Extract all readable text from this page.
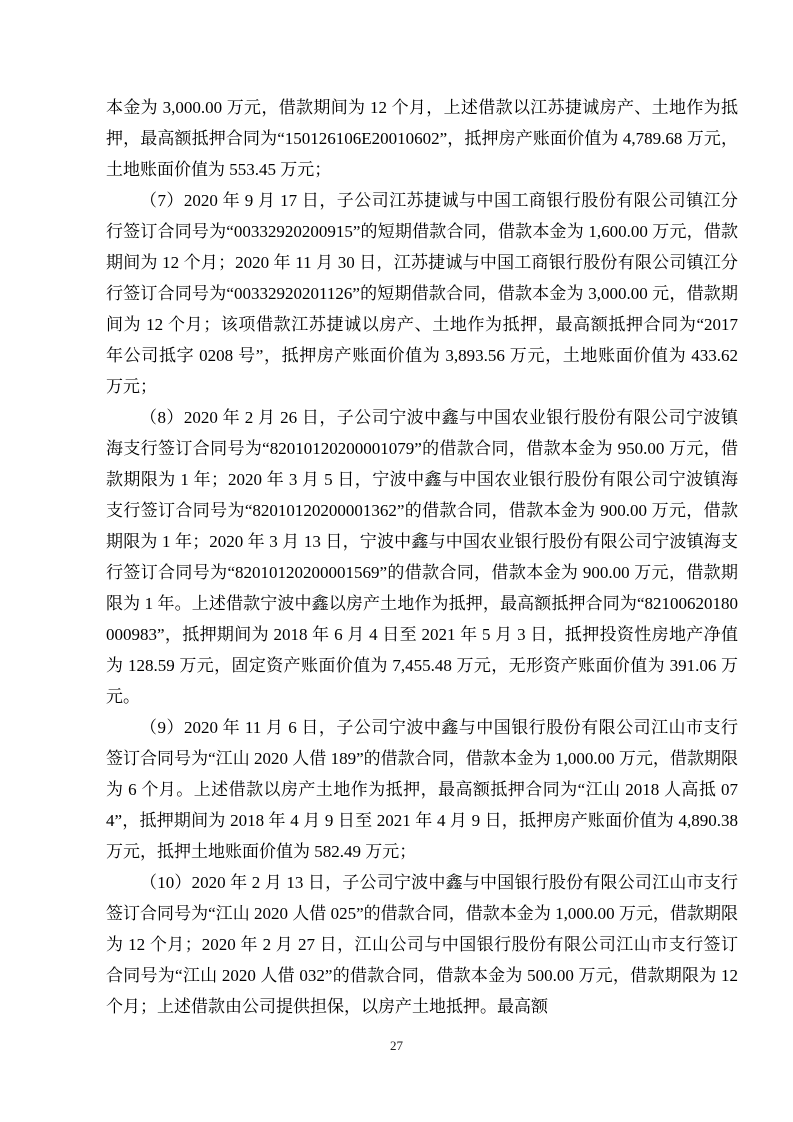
本金为 3,000.00 万元，借款期间为 12 个月，上述借款以江苏捷诚房产、土地作为抵押，最高额抵押合同为“150126106E20010602”，抵押房产账面价值为 4,789.68 万元，土地账面价值为 553.45 万元；

（7）2020 年 9 月 17 日，子公司江苏捷诚与中国工商银行股份有限公司镇江分行签订合同号为“00332920200915”的短期借款合同，借款本金为 1,600.00 万元，借款期间为 12 个月；2020 年 11 月 30 日，江苏捷诚与中国工商银行股份有限公司镇江分行签订合同号为“00332920201126”的短期借款合同，借款本金为 3,000.00 元，借款期间为 12 个月；该项借款江苏捷诚以房产、土地作为抵押，最高额抵押合同为“2017 年公司抵字 0208 号”，抵押房产账面价值为 3,893.56 万元，土地账面价值为 433.62 万元；

（8）2020 年 2 月 26 日，子公司宁波中鑫与中国农业银行股份有限公司宁波镇海支行签订合同号为“82010120200001079”的借款合同，借款本金为 950.00 万元，借款期限为 1 年；2020 年 3 月 5 日，宁波中鑫与中国农业银行股份有限公司宁波镇海支行签订合同号为“82010120200001362”的借款合同，借款本金为 900.00 万元，借款期限为 1 年；2020 年 3 月 13 日，宁波中鑫与中国农业银行股份有限公司宁波镇海支行签订合同号为“82010120200001569”的借款合同，借款本金为 900.00 万元，借款期限为 1 年。上述借款宁波中鑫以房产土地作为抵押，最高额抵押合同为“82100620180000983”，抵押期间为 2018 年 6 月 4 日至 2021 年 5 月 3 日，抵押投资性房地产净值为 128.59 万元，固定资产账面价值为 7,455.48 万元，无形资产账面价值为 391.06 万元。

（9）2020 年 11 月 6 日，子公司宁波中鑫与中国银行股份有限公司江山市支行签订合同号为“江山 2020 人借 189”的借款合同，借款本金为 1,000.00 万元，借款期限为 6 个月。上述借款以房产土地作为抵押，最高额抵押合同为“江山 2018 人高抵 074”，抵押期间为 2018 年 4 月 9 日至 2021 年 4 月 9 日，抵押房产账面价值为 4,890.38 万元，抵押土地账面价值为 582.49 万元；

（10）2020 年 2 月 13 日，子公司宁波中鑫与中国银行股份有限公司江山市支行签订合同号为“江山 2020 人借 025”的借款合同，借款本金为 1,000.00 万元，借款期限为 12 个月；2020 年 2 月 27 日，江山公司与中国银行股份有限公司江山市支行签订合同号为“江山 2020 人借 032”的借款合同，借款本金为 500.00 万元，借款期限为 12 个月；上述借款由公司提供担保，以房产土地抵押。最高额

27
